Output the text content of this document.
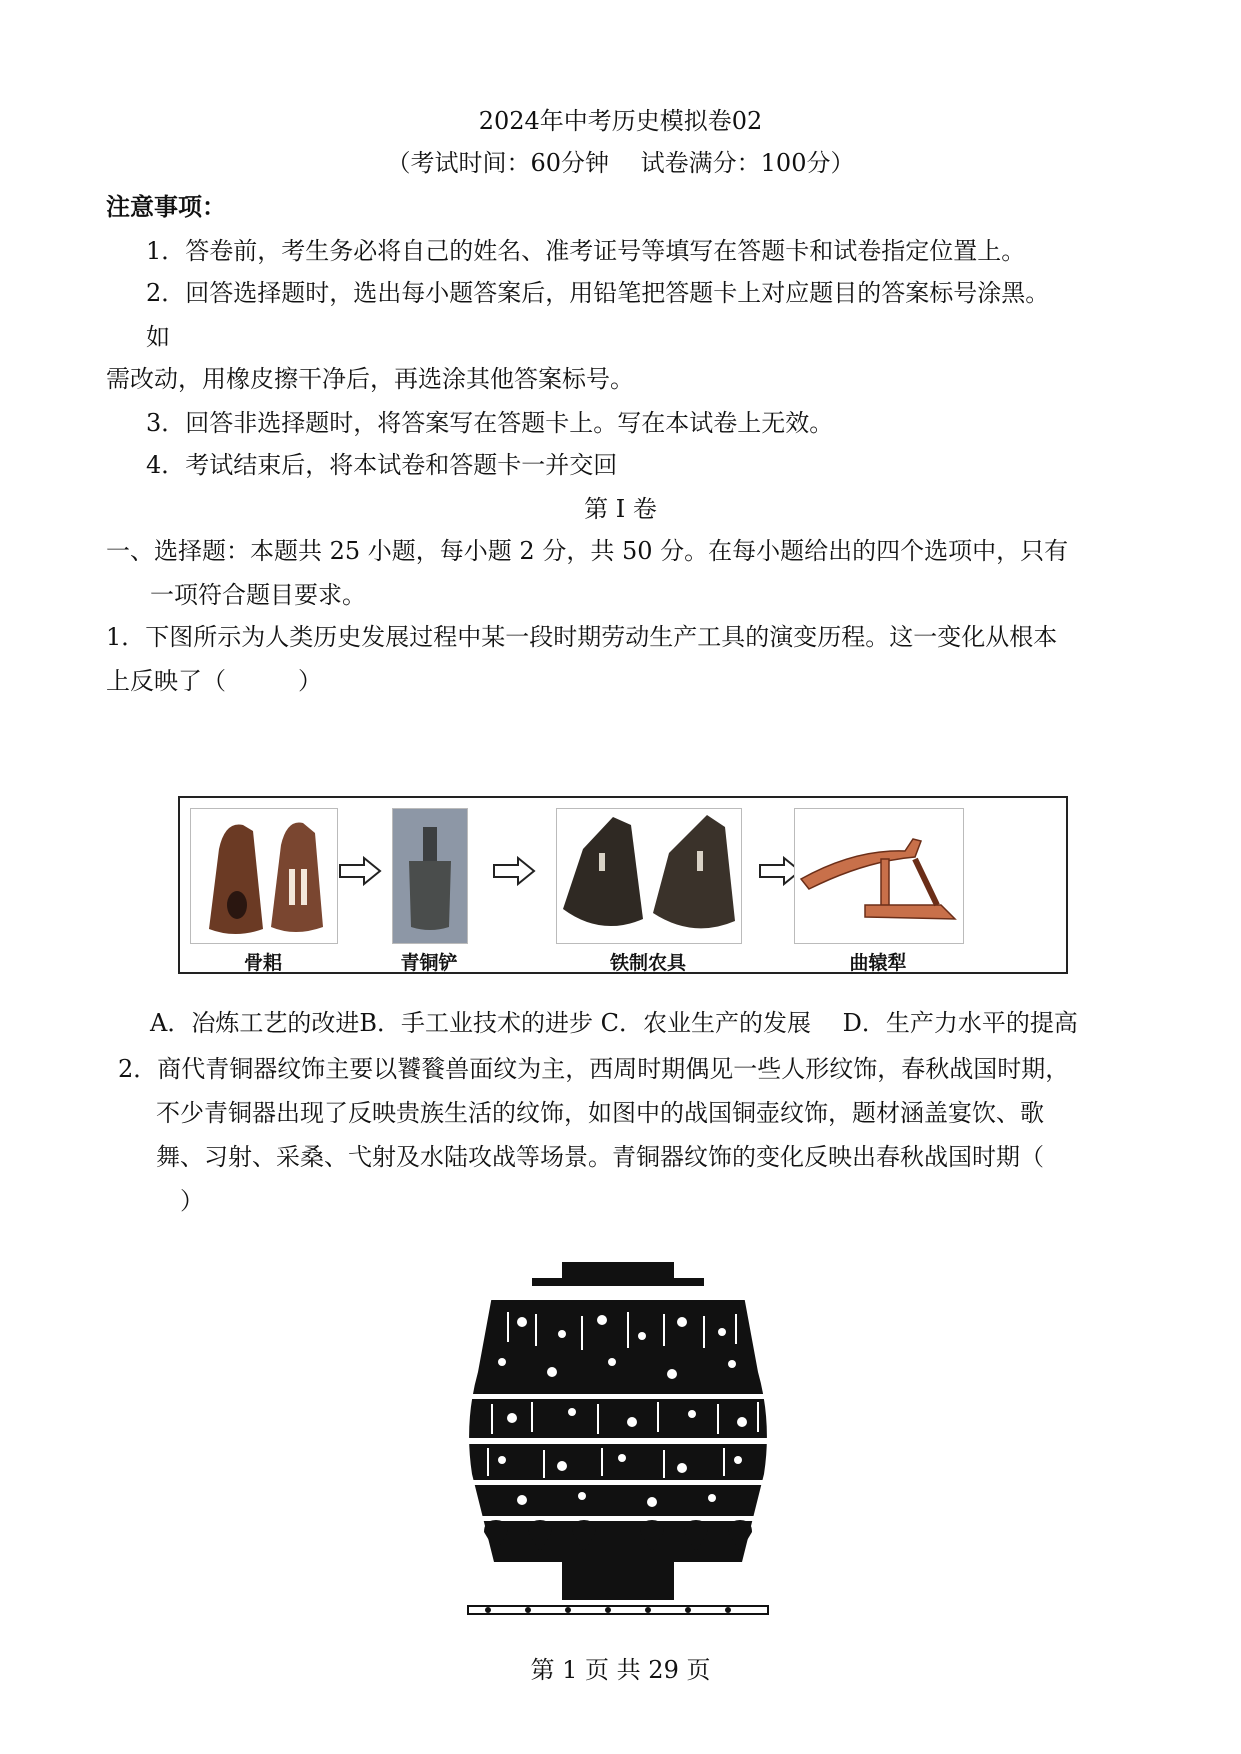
2024年中考历史模拟卷02
（考试时间：60分钟　 试卷满分：100分）
注意事项：
1．答卷前，考生务必将自己的姓名、准考证号等填写在答题卡和试卷指定位置上。
2．回答选择题时，选出每小题答案后，用铅笔把答题卡上对应题目的答案标号涂黑。
如
需改动，用橡皮擦干净后，再选涂其他答案标号。
3．回答非选择题时，将答案写在答题卡上。写在本试卷上无效。
4．考试结束后，将本试卷和答题卡一并交回
第 I 卷
一、选择题：本题共 25 小题，每小题 2 分，共 50 分。在每小题给出的四个选项中，只有
一项符合题目要求。
1．下图所示为人类历史发展过程中某一段时期劳动生产工具的演变历程。这一变化从根本
上反映了（　　　）
骨耜	青铜铲	铁制农具	曲辕犁
A．冶炼工艺的改进B．手工业技术的进步 C．农业生产的发展　 D．生产力水平的提高
2．商代青铜器纹饰主要以饕餮兽面纹为主，西周时期偶见一些人形纹饰，春秋战国时期，
不少青铜器出现了反映贵族生活的纹饰，如图中的战国铜壶纹饰，题材涵盖宴饮、歌
舞、习射、采桑、弋射及水陆攻战等场景。青铜器纹饰的变化反映出春秋战国时期（
）
第 1 页 共 29 页
